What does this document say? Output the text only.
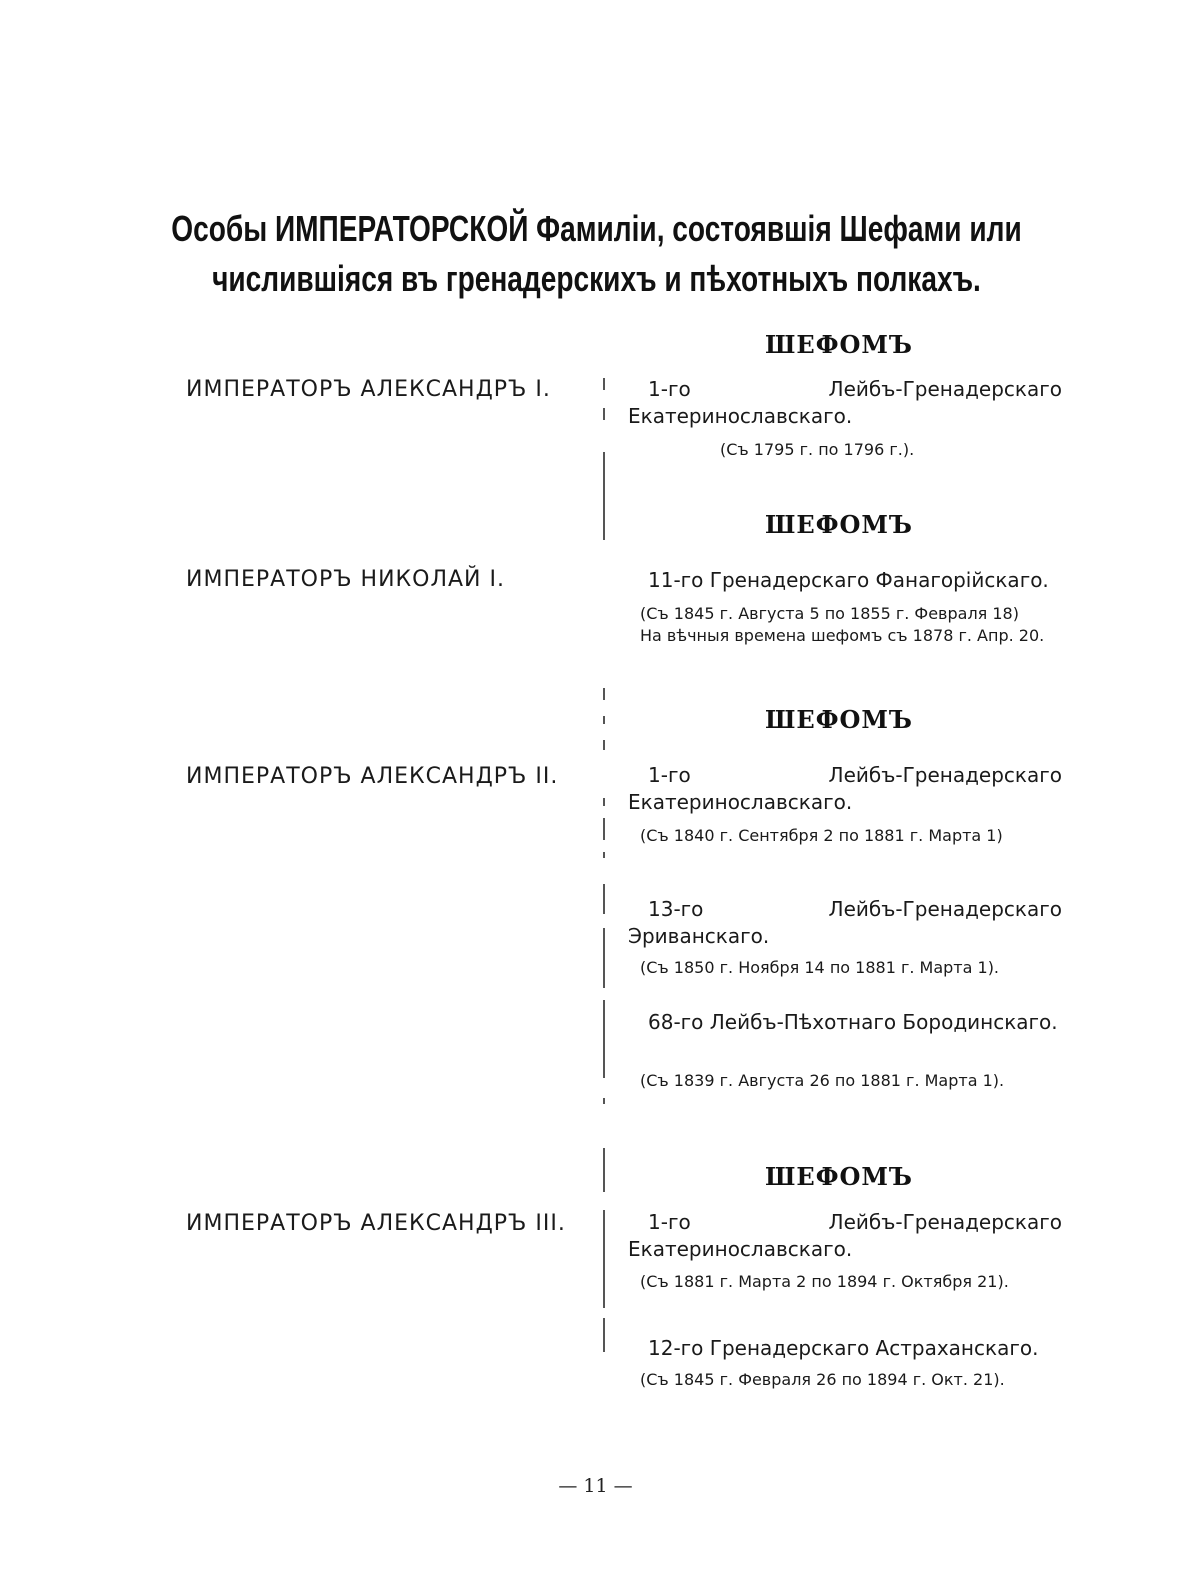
Особы ИМПЕРАТОРСКОЙ Фамилiи, состоявшiя Шефами или
числившiяся въ гренадерскихъ и пѣхотныхъ полкахъ.
ШЕФОМЪ
ИМПЕРАТОРЪ АЛЕКСАНДРЪ I.	1-го Лейбъ-Гренадерскаго Екатеринославскаго.
(Съ 1795 г. по 1796 г.).
ШЕФОМЪ
ИМПЕРАТОРЪ НИКОЛАЙ I.	11-го Гренадерскаго Фанагорiйскаго.
(Съ 1845 г. Августа 5 по 1855 г. Февраля 18)
На вѣчныя времена шефомъ съ 1878 г. Апр. 20.
ШЕФОМЪ
ИМПЕРАТОРЪ АЛЕКСАНДРЪ II.	1-го Лейбъ-Гренадерскаго Екатеринославскаго.
(Съ 1840 г. Сентября 2 по 1881 г. Марта 1)
13-го Лейбъ-Гренадерскаго Эриванскаго.
(Съ 1850 г. Ноября 14 по 1881 г. Марта 1).
68-го Лейбъ-Пѣхотнаго Бородинскаго.
(Съ 1839 г. Августа 26 по 1881 г. Марта 1).
ШЕФОМЪ
ИМПЕРАТОРЪ АЛЕКСАНДРЪ III.	1-го Лейбъ-Гренадерскаго Екатеринославскаго.
(Съ 1881 г. Марта 2 по 1894 г. Октября 21).
12-го Гренадерскаго Астраханскаго.
(Съ 1845 г. Февраля 26 по 1894 г. Окт. 21).
— 11 —
